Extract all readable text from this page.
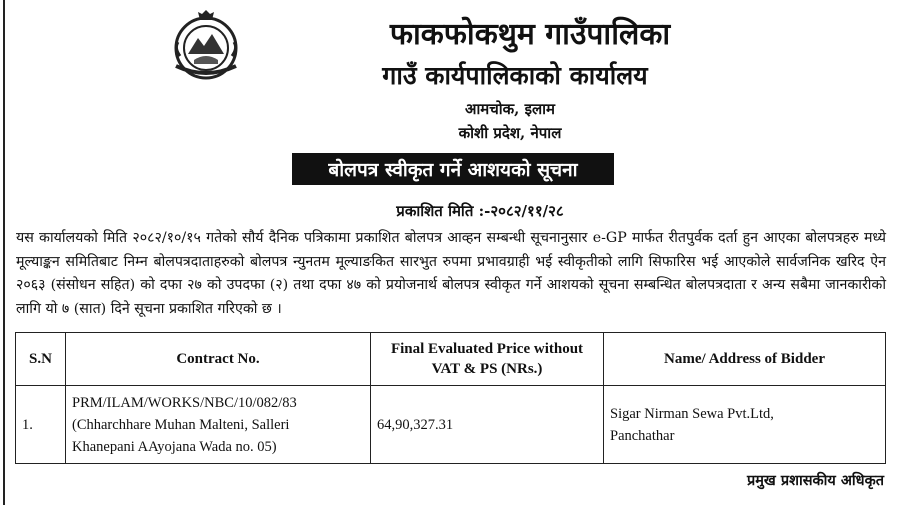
फाकफोकथुम गाउँपालिका
गाउँ कार्यपालिकाको कार्यालय
आमचोक, इलाम
कोशी प्रदेश, नेपाल
बोलपत्र स्वीकृत गर्ने आशयको सूचना
प्रकाशित मिति :-२०८२/११/२८
यस कार्यालयको मिति २०८२/१०/१५ गतेको सौर्य दैनिक पत्रिकामा प्रकाशित बोलपत्र आव्हन सम्बन्धी सूचनानुसार e-GP मार्फत रीतपुर्वक दर्ता हुन आएका बोलपत्रहरु मध्ये मूल्याङ्कन समितिबाट निम्न बोलपत्रदाताहरुको बोलपत्र न्युनतम मूल्याङकित सारभुत रुपमा प्रभावग्राही भई स्वीकृतीको लागि सिफारिस भई आएकोले सार्वजनिक खरिद ऐन २०६३ (संसोधन सहित) को दफा २७ को उपदफा (२) तथा दफा ४७ को प्रयोजनार्थ बोलपत्र स्वीकृत गर्ने आशयको सूचना सम्बन्धित बोलपत्रदाता र अन्य सबैमा जानकारीको लागि यो ७ (सात) दिने सूचना प्रकाशित गरिएको छ ।
S.N	Contract No.	Final Evaluated Price without
VAT & PS (NRs.)	Name/ Address of Bidder
1.	PRM/ILAM/WORKS/NBC/10/082/83
(Chharchhare Muhan Malteni, Salleri
Khanepani AAyojana Wada no. 05)	64,90,327.31	Sigar Nirman Sewa Pvt.Ltd,
Panchathar
प्रमुख प्रशासकीय अधिकृत
